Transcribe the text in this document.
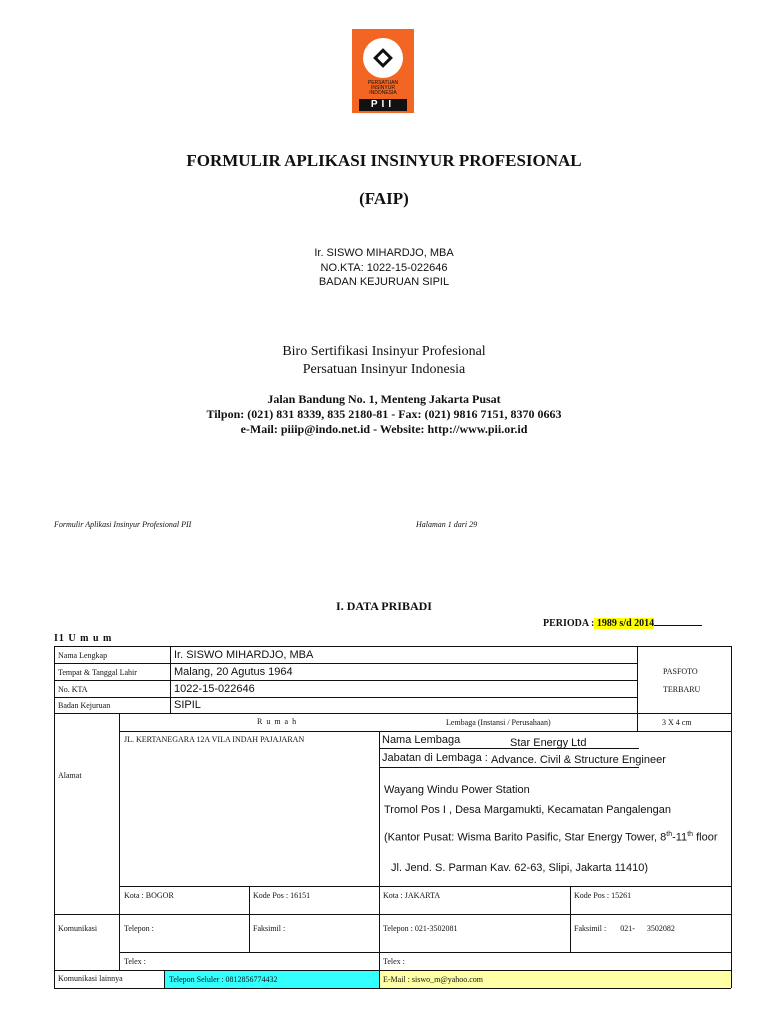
PERSATUAN
INSINYUR
INDONESIA
PII
FORMULIR APLIKASI INSINYUR PROFESIONAL
(FAIP)
Ir. SISWO MIHARDJO, MBA
NO.KTA: 1022-15-022646
BADAN KEJURUAN SIPIL
Biro Sertifikasi Insinyur Profesional
Persatuan Insinyur Indonesia
Jalan Bandung No. 1, Menteng Jakarta Pusat
Tilpon: (021) 831 8339, 835 2180-81 - Fax: (021) 9816 7151, 8370 0663
e-Mail: piiip@indo.net.id - Website: http://www.pii.or.id
Formulir Aplikasi Insinyur Profesional PII	Halaman 1 dari 29
I. DATA PRIBADI
PERIODA : 1989 s/d 2014
I1 U m u m
Nama Lengkap	Ir. SISWO MIHARDJO, MBA
Tempat & Tanggal Lahir	Malang, 20 Agutus 1964
No. KTA	1022-15-022646
Badan Kejuruan	SIPIL
PASFOTO
TERBARU
3 X 4 cm
R u m a h	Lembaga (Instansi / Perusahaan)
Alamat
JL. KERTANEGARA 12A VILA INDAH PAJAJARAN	Nama Lembaga	Star Energy Ltd
Jabatan di Lembaga : Advance. Civil & Structure Engineer
Wayang Windu Power Station
Tromol Pos I , Desa Margamukti, Kecamatan Pangalengan
(Kantor Pusat: Wisma Barito Pasific, Star Energy Tower, 8th-11th floor
Jl. Jend. S. Parman Kav. 62-63, Slipi, Jakarta 11410)
Kota : BOGOR	Kode Pos : 16151	Kota : JAKARTA	Kode Pos : 15261
Komunikasi	Telepon :	Faksimil :	Telepon : 021-3502081	Faksimil :       021-      3502082
Telex :	Telex :
Komunikasi lainnya	Telepon Seluler : 0812856774432	E-Mail : siswo_m@yahoo.com
